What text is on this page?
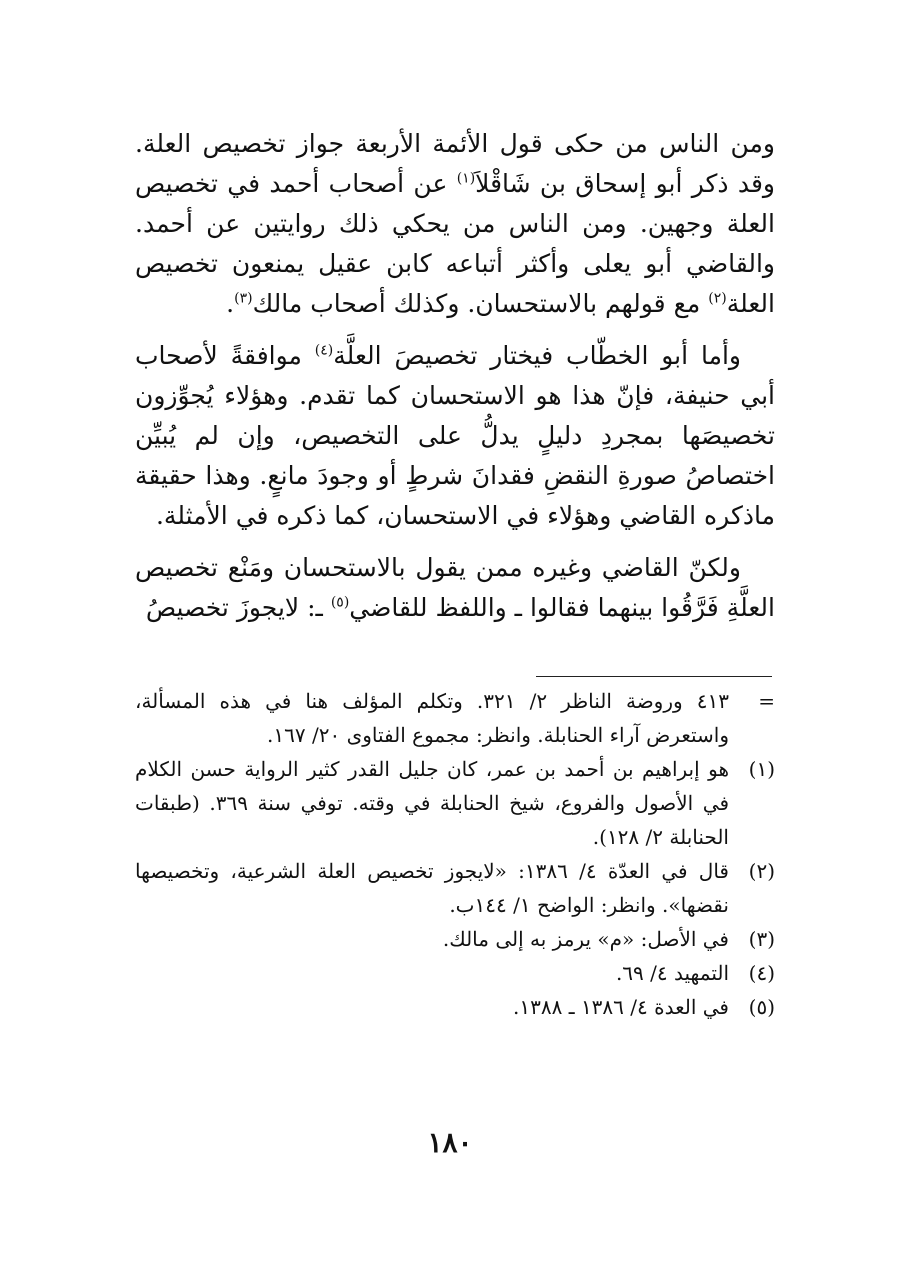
ومن الناس من حكى قول الأئمة الأربعة جواز تخصيص العلة. وقد ذكر أبو إسحاق بن شَاقْلاَ$^{(١)}$ عن أصحاب أحمد في تخصيص العلة وجهين. ومن الناس من يحكي ذلك روايتين عن أحمد. والقاضي أبو يعلى وأكثر أتباعه كابن عقيل يمنعون تخصيص العلة$^{(٢)}$ مع قولهم بالاستحسان. وكذلك أصحاب مالك$^{(٣)}$.

وأما أبو الخطّاب فيختار تخصيصَ العلَّة$^{(٤)}$ موافقةً لأصحاب أبي حنيفة، فإنّ هذا هو الاستحسان كما تقدم. وهؤلاء يُجوِّزون تخصيصَها بمجردِ دليلٍ يدلُّ على التخصيص، وإن لم يُبيِّن اختصاصُ صورةِ النقضِ فقدانَ شرطٍ أو وجودَ مانعٍ. وهذا حقيقة ماذكره القاضي وهؤلاء في الاستحسان، كما ذكره في الأمثلة.

ولكنّ القاضي وغيره ممن يقول بالاستحسان ومَنْع تخصيص العلَّةِ فَرَّقُوا بينهما فقالوا ـ واللفظ للقاضي$^{(٥)}$ ـ: لايجوزَ تخصيصُ

=
٤١٣ وروضة الناظر ٢/ ٣٢١. وتكلم المؤلف هنا في هذه المسألة، واستعرض آراء الحنابلة. وانظر: مجموع الفتاوى ٢٠/ ١٦٧.
(١)
هو إبراهيم بن أحمد بن عمر، كان جليل القدر كثير الرواية حسن الكلام في الأصول والفروع، شيخ الحنابلة في وقته. توفي سنة ٣٦٩. (طبقات الحنابلة ٢/ ١٢٨).
(٢)
قال في العدّة ٤/ ١٣٨٦: «لايجوز تخصيص العلة الشرعية، وتخصيصها نقضها». وانظر: الواضح ١/ ١٤٤ب.
(٣)
في الأصل: «م» يرمز به إلى مالك.
(٤)
التمهيد ٤/ ٦٩.
(٥)
في العدة ٤/ ١٣٨٦ ـ ١٣٨٨.
١٨٠
